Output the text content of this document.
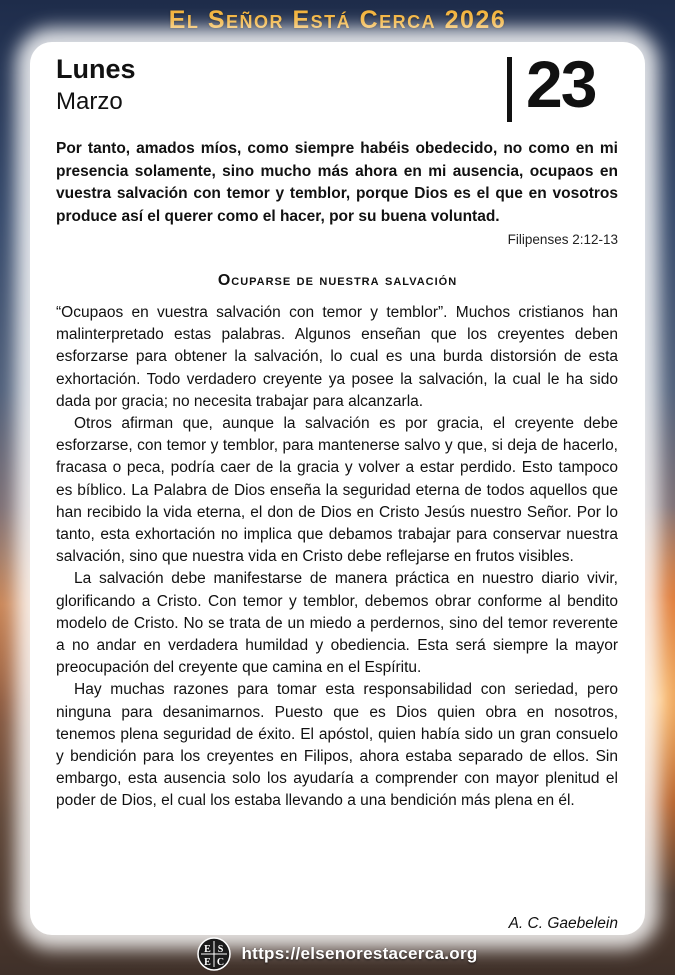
El Señor Está Cerca 2026
Lunes
Marzo	23
Por tanto, amados míos, como siempre habéis obedecido, no como en mi presencia solamente, sino mucho más ahora en mi ausencia, ocupaos en vuestra salvación con temor y temblor, porque Dios es el que en vosotros produce así el querer como el hacer, por su buena voluntad.
Filipenses 2:12-13
Ocuparse de nuestra salvación

“Ocupaos en vuestra salvación con temor y temblor”. Muchos cristianos han malinterpretado estas palabras. Algunos enseñan que los creyentes deben esforzarse para obtener la salvación, lo cual es una burda distorsión de esta exhortación. Todo verdadero creyente ya posee la salvación, la cual le ha sido dada por gracia; no necesita trabajar para alcanzarla.

Otros afirman que, aunque la salvación es por gracia, el creyente debe esforzarse, con temor y temblor, para mantenerse salvo y que, si deja de hacerlo, fracasa o peca, podría caer de la gracia y volver a estar perdido. Esto tampoco es bíblico. La Palabra de Dios enseña la seguridad eterna de todos aquellos que han recibido la vida eterna, el don de Dios en Cristo Jesús nuestro Señor. Por lo tanto, esta exhortación no implica que debamos trabajar para conservar nuestra salvación, sino que nuestra vida en Cristo debe reflejarse en frutos visibles.

La salvación debe manifestarse de manera práctica en nuestro diario vivir, glorificando a Cristo. Con temor y temblor, debemos obrar conforme al bendito modelo de Cristo. No se trata de un miedo a perdernos, sino del temor reverente a no andar en verdadera humildad y obediencia. Esta será siempre la mayor preocupación del creyente que camina en el Espíritu.

Hay muchas razones para tomar esta responsabilidad con seriedad, pero ninguna para desanimarnos. Puesto que es Dios quien obra en nosotros, tenemos plena seguridad de éxito. El apóstol, quien había sido un gran consuelo y bendición para los creyentes en Filipos, ahora estaba separado de ellos. Sin embargo, esta ausencia solo los ayudaría a comprender con mayor plenitud el poder de Dios, el cual los estaba llevando a una bendición más plena en él.

A. C. Gaebelein
E S
E C https://elsenorestacerca.org
